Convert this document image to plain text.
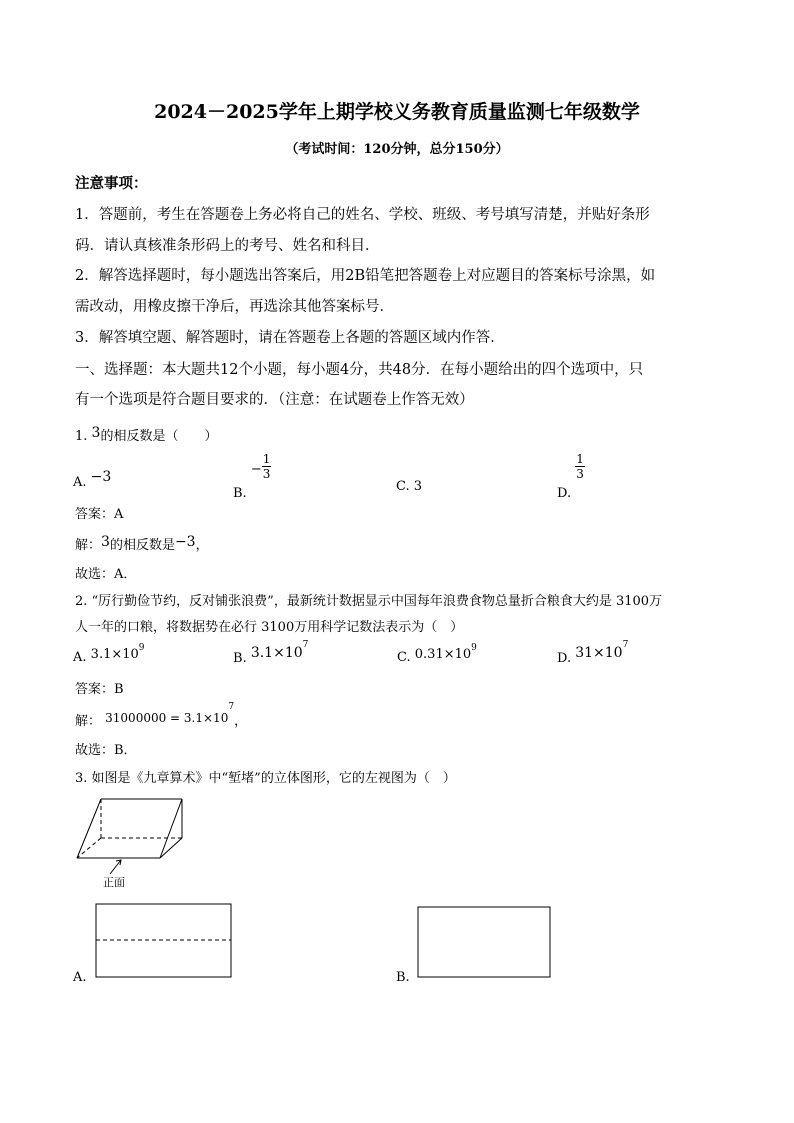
2024－2025学年上期学校义务教育质量监测七年级数学
（考试时间：120分钟，总分150分）
注意事项：
1．答题前，考生在答题卷上务必将自己的姓名、学校、班级、考号填写清楚，并贴好条形
码．请认真核准条形码上的考号、姓名和科目．
2．解答选择题时，每小题选出答案后，用2B铅笔把答题卷上对应题目的答案标号涂黑，如
需改动，用橡皮擦干净后，再选涂其他答案标号．
3．解答填空题、解答题时，请在答题卷上各题的答题区域内作答．
一、选择题：本大题共12个小题，每小题4分，共48分．在每小题给出的四个选项中，只
有一个选项是符合题目要求的．（注意：在试题卷上作答无效）
1. 3的相反数是（　　）
A. −3
B. − $\frac{1}{3}$
C. 3	D.
$\frac{1}{3}$
答案：A
解：3的相反数是−3，
故选：A．
2. “厉行勤俭节约，反对铺张浪费”，最新统计数据显示中国每年浪费食物总量折合粮食大约是 3100万
人一年的口粮，将数据势在必行 3100万用科学记数法表示为（　）
A. $3.1\times 10^9$
B. $3.1\times 10^7$
C. $0.31\times 10^9$
D. $31\times 10^7$
答案：B
解： $31000000 = 3.1\times 10^7$，
故选：B．
3. 如图是《九章算术》中“堑堵”的立体图形，它的左视图为（　）
正面
A.	B.
